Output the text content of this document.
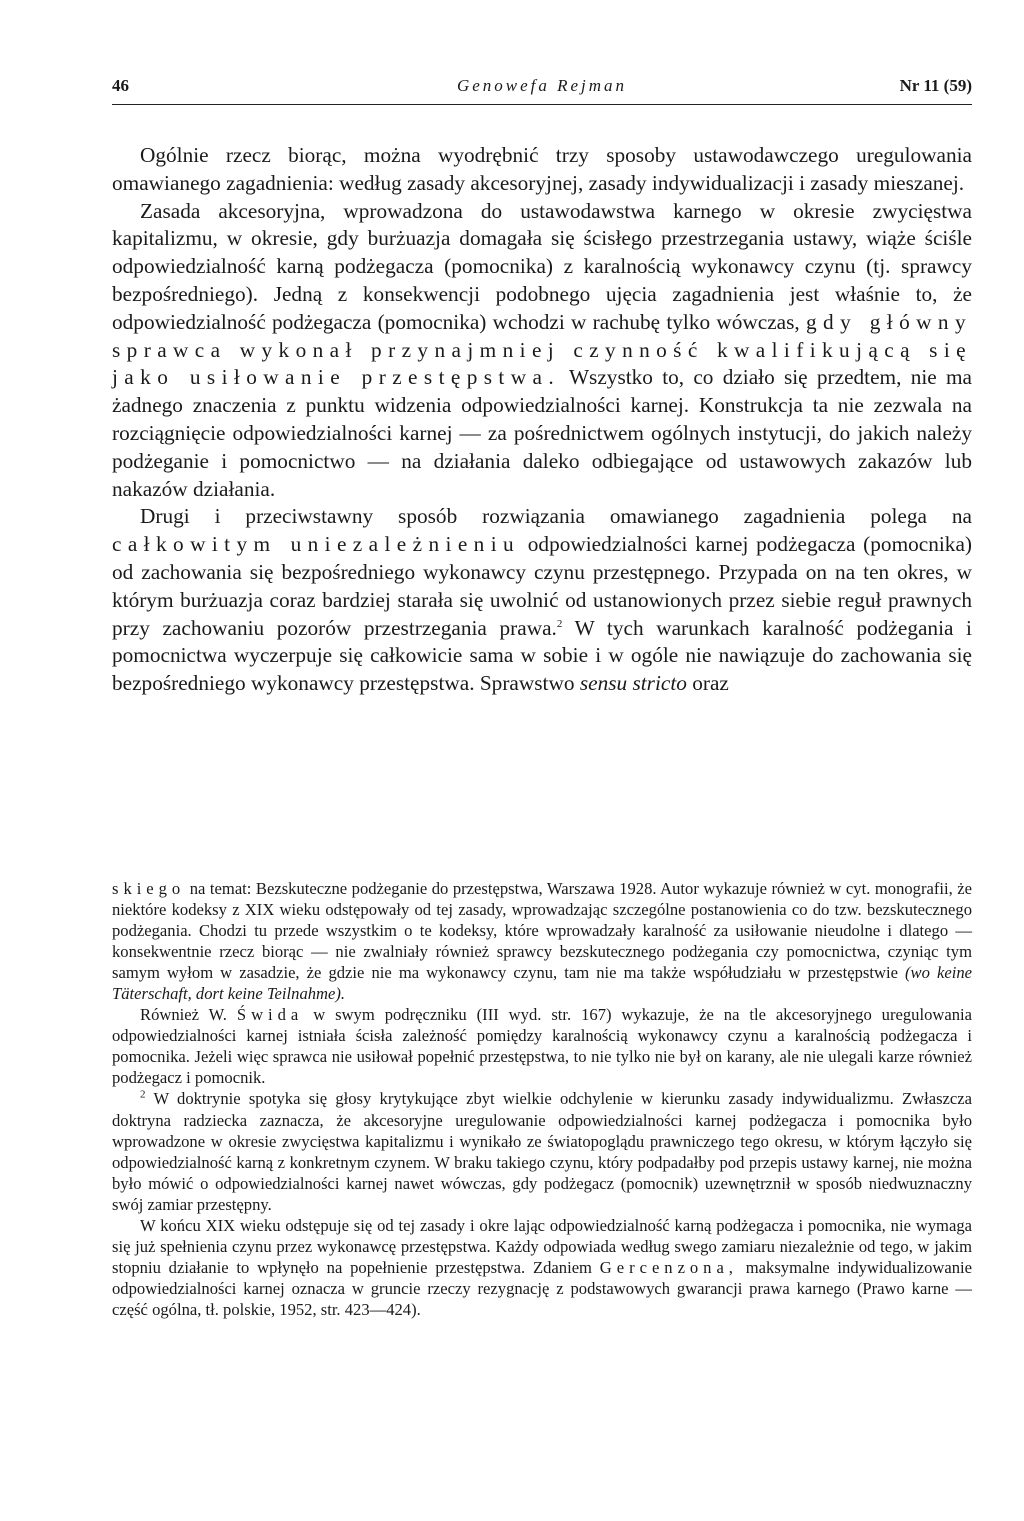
46	Genowefa Rejman	Nr 11 (59)

Ogólnie rzecz biorąc, można wyodrębnić trzy sposoby ustawodawczego uregulowania omawianego zagadnienia: według zasady akcesoryjnej, zasady indywidualizacji i zasady mieszanej.

Zasada akcesoryjna, wprowadzona do ustawodawstwa karnego w okresie zwycięstwa kapitalizmu, w okresie, gdy burżuazja domagała się ścisłego przestrzegania ustawy, wiąże ściśle odpowiedzialność karną podżegacza (pomocnika) z karalnością wykonawcy czynu (tj. sprawcy bezpośredniego). Jedną z konsekwencji podobnego ujęcia zagadnienia jest właśnie to, że odpowiedzialność podżegacza (pomocnika) wchodzi w rachubę tylko wówczas, gdy główny sprawca wykonał przynajmniej czynność kwalifikującą się jako usiłowanie przestępstwa. Wszystko to, co działo się przedtem, nie ma żadnego znaczenia z punktu widzenia odpowiedzialności karnej. Konstrukcja ta nie zezwala na rozciągnięcie odpowiedzialności karnej — za pośrednictwem ogólnych instytucji, do jakich należy podżeganie i pomocnictwo — na działania daleko odbiegające od ustawowych zakazów lub nakazów działania.

Drugi i przeciwstawny sposób rozwiązania omawianego zagadnienia polega na całkowitym uniezależnieniu odpowiedzialności karnej podżegacza (pomocnika) od zachowania się bezpośredniego wykonawcy czynu przestępnego. Przypada on na ten okres, w którym burżuazja coraz bardziej starała się uwolnić od ustanowionych przez siebie reguł prawnych przy zachowaniu pozorów przestrzegania prawa.$^2$ W tych warunkach karalność podżegania i pomocnictwa wyczerpuje się całkowicie sama w sobie i w ogóle nie nawiązuje do zachowania się bezpośredniego wykonawcy przestępstwa. Sprawstwo sensu stricto oraz

skiego na temat: Bezskuteczne podżeganie do przestępstwa, Warszawa 1928. Autor wykazuje również w cyt. monografii, że niektóre kodeksy z XIX wieku odstępowały od tej zasady, wprowadzając szczególne postanowienia co do tzw. bezskutecznego podżegania. Chodzi tu przede wszystkim o te kodeksy, które wprowadzały karalność za usiłowanie nieudolne i dlatego — konsekwentnie rzecz biorąc — nie zwalniały również sprawcy bezskutecznego podżegania czy pomocnictwa, czyniąc tym samym wyłom w zasadzie, że gdzie nie ma wykonawcy czynu, tam nie ma także współudziału w przestępstwie (wo keine Täterschaft, dort keine Teilnahme).

Również W. Świda w swym podręczniku (III wyd. str. 167) wykazuje, że na tle akcesoryjnego uregulowania odpowiedzialności karnej istniała ścisła zależność pomiędzy karalnością wykonawcy czynu a karalnością podżegacza i pomocnika. Jeżeli więc sprawca nie usiłował popełnić przestępstwa, to nie tylko nie był on karany, ale nie ulegali karze również podżegacz i pomocnik.

$^2$ W doktrynie spotyka się głosy krytykujące zbyt wielkie odchylenie w kierunku zasady indywidualizmu. Zwłaszcza doktryna radziecka zaznacza, że akcesoryjne uregulowanie odpowiedzialności karnej podżegacza i pomocnika było wprowadzone w okresie zwycięstwa kapitalizmu i wynikało ze światopoglądu prawniczego tego okresu, w którym łączyło się odpowiedzialność karną z konkretnym czynem. W braku takiego czynu, który podpadałby pod przepis ustawy karnej, nie można było mówić o odpowiedzialności karnej nawet wówczas, gdy podżegacz (pomocnik) uzewnętrznił w sposób niedwuznaczny swój zamiar przestępny.

W końcu XIX wieku odstępuje się od tej zasady i okre lając odpowiedzialność karną podżegacza i pomocnika, nie wymaga się już spełnienia czynu przez wykonawcę przestępstwa. Każdy odpowiada według swego zamiaru niezależnie od tego, w jakim stopniu działanie to wpłynęło na popełnienie przestępstwa. Zdaniem Gercenzona, maksymalne indywidualizowanie odpowiedzialności karnej oznacza w gruncie rzeczy rezygnację z podstawowych gwarancji prawa karnego (Prawo karne — część ogólna, tł. polskie, 1952, str. 423—424).
